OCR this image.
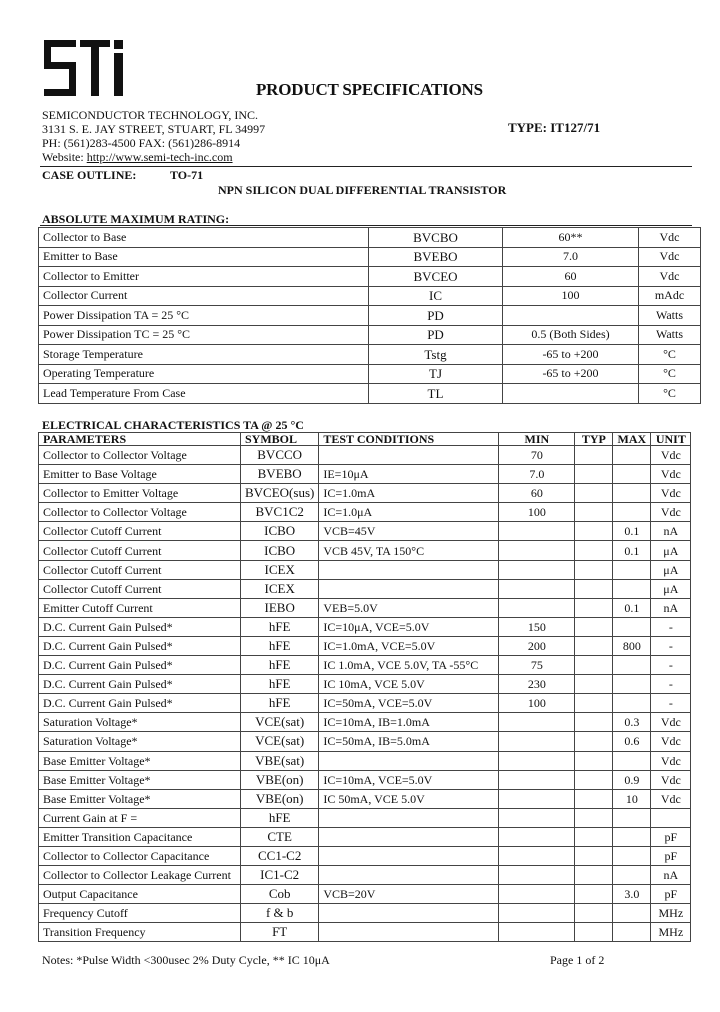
PRODUCT SPECIFICATIONS
SEMICONDUCTOR TECHNOLOGY, INC.
3131 S. E. JAY STREET, STUART, FL 34997
PH: (561)283-4500 FAX: (561)286-8914
Website: http://www.semi-tech-inc.com
TYPE: IT127/71
CASE OUTLINE:	TO-71
NPN SILICON DUAL DIFFERENTIAL TRANSISTOR
ABSOLUTE MAXIMUM RATING:
Collector to Base	BVCBO	60**	Vdc
Emitter to Base	BVEBO	7.0	Vdc
Collector to Emitter	BVCEO	60	Vdc
Collector Current	IC	100	mAdc
Power Dissipation TA = 25 °C	PD		Watts
Power Dissipation TC = 25 °C	PD	0.5 (Both Sides)	Watts
Storage Temperature	Tstg	-65 to +200	°C
Operating Temperature	TJ	-65 to +200	°C
Lead Temperature From Case	TL		°C
ELECTRICAL CHARACTERISTICS TA @ 25 °C
PARAMETERS	SYMBOL	TEST CONDITIONS	MIN	TYP	MAX	UNIT
Collector to Collector Voltage	BVCCO		70			Vdc
Emitter to Base Voltage	BVEBO	IE=10μA	7.0			Vdc
Collector to Emitter Voltage	BVCEO(sus)	IC=1.0mA	60			Vdc
Collector to Collector Voltage	BVC1C2	IC=1.0μA	100			Vdc
Collector Cutoff Current	ICBO	VCB=45V			0.1	nA
Collector Cutoff Current	ICBO	VCB 45V, TA 150°C			0.1	μA
Collector Cutoff Current	ICEX					μA
Collector Cutoff Current	ICEX					μA
Emitter Cutoff Current	IEBO	VEB=5.0V			0.1	nA
D.C. Current Gain Pulsed*	hFE	IC=10μA, VCE=5.0V	150			-
D.C. Current Gain Pulsed*	hFE	IC=1.0mA, VCE=5.0V	200		800	-
D.C. Current Gain Pulsed*	hFE	IC 1.0mA, VCE 5.0V, TA -55°C	75			-
D.C. Current Gain Pulsed*	hFE	IC 10mA, VCE 5.0V	230			-
D.C. Current Gain Pulsed*	hFE	IC=50mA, VCE=5.0V	100			-
Saturation Voltage*	VCE(sat)	IC=10mA, IB=1.0mA			0.3	Vdc
Saturation Voltage*	VCE(sat)	IC=50mA, IB=5.0mA			0.6	Vdc
Base Emitter Voltage*	VBE(sat)					Vdc
Base Emitter Voltage*	VBE(on)	IC=10mA, VCE=5.0V			0.9	Vdc
Base Emitter Voltage*	VBE(on)	IC 50mA, VCE 5.0V			10	Vdc
Current Gain at F =	hFE					
Emitter Transition Capacitance	CTE					pF
Collector to Collector Capacitance	CC1-C2					pF
Collector to Collector Leakage Current	IC1-C2					nA
Output Capacitance	Cob	VCB=20V			3.0	pF
Frequency Cutoff	f & b					MHz
Transition Frequency	FT					MHz
Notes: *Pulse Width <300usec 2% Duty Cycle, ** IC 10μA	Page 1 of 2
